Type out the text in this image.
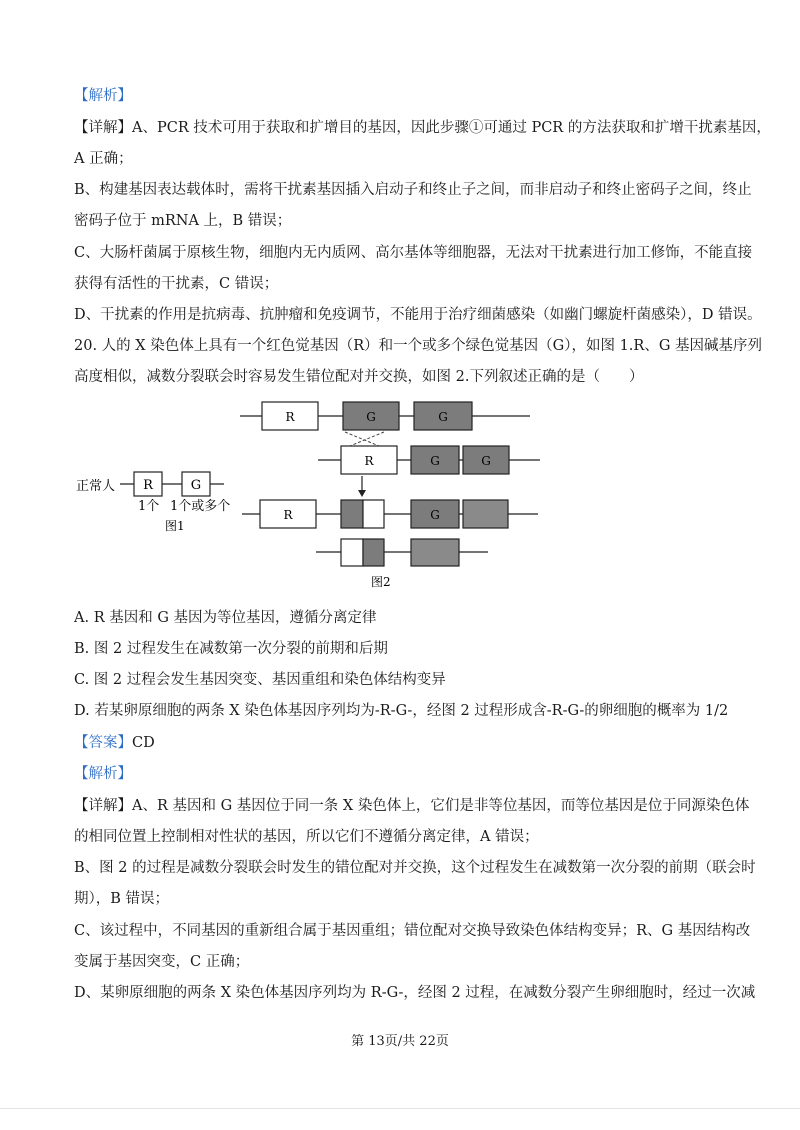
【解析】
【详解】A、PCR 技术可用于获取和扩增目的基因，因此步骤①可通过 PCR 的方法获取和扩增干扰素基因，
A 正确；
B、构建基因表达载体时，需将干扰素基因插入启动子和终止子之间，而非启动子和终止密码子之间，终止
密码子位于 mRNA 上，B 错误；
C、大肠杆菌属于原核生物，细胞内无内质网、高尔基体等细胞器，无法对干扰素进行加工修饰，不能直接
获得有活性的干扰素，C 错误；
D、干扰素的作用是抗病毒、抗肿瘤和免疫调节，不能用于治疗细菌感染（如幽门螺旋杆菌感染），D 错误。
20. 人的 X 染色体上具有一个红色觉基因（R）和一个或多个绿色觉基因（G），如图 1.R、G 基因碱基序列
高度相似，减数分裂联会时容易发生错位配对并交换，如图 2.下列叙述正确的是（　　）
R	G	G
R	G	G
正常人 R	G
1个 1个或多个
图1
R	G
图2
A. R 基因和 G 基因为等位基因，遵循分离定律
B. 图 2 过程发生在减数第一次分裂的前期和后期
C. 图 2 过程会发生基因突变、基因重组和染色体结构变异
D. 若某卵原细胞的两条 X 染色体基因序列均为-R-G-，经图 2 过程形成含-R-G-的卵细胞的概率为 1/2
【答案】CD
【解析】
【详解】A、R 基因和 G 基因位于同一条 X 染色体上，它们是非等位基因，而等位基因是位于同源染色体
的相同位置上控制相对性状的基因，所以它们不遵循分离定律，A 错误；
B、图 2 的过程是减数分裂联会时发生的错位配对并交换，这个过程发生在减数第一次分裂的前期（联会时
期），B 错误；
C、该过程中，不同基因的重新组合属于基因重组；错位配对交换导致染色体结构变异；R、G 基因结构改
变属于基因突变，C 正确；
D、某卵原细胞的两条 X 染色体基因序列均为 R-G-，经图 2 过程，在减数分裂产生卵细胞时，经过一次减
第 13页/共 22页
